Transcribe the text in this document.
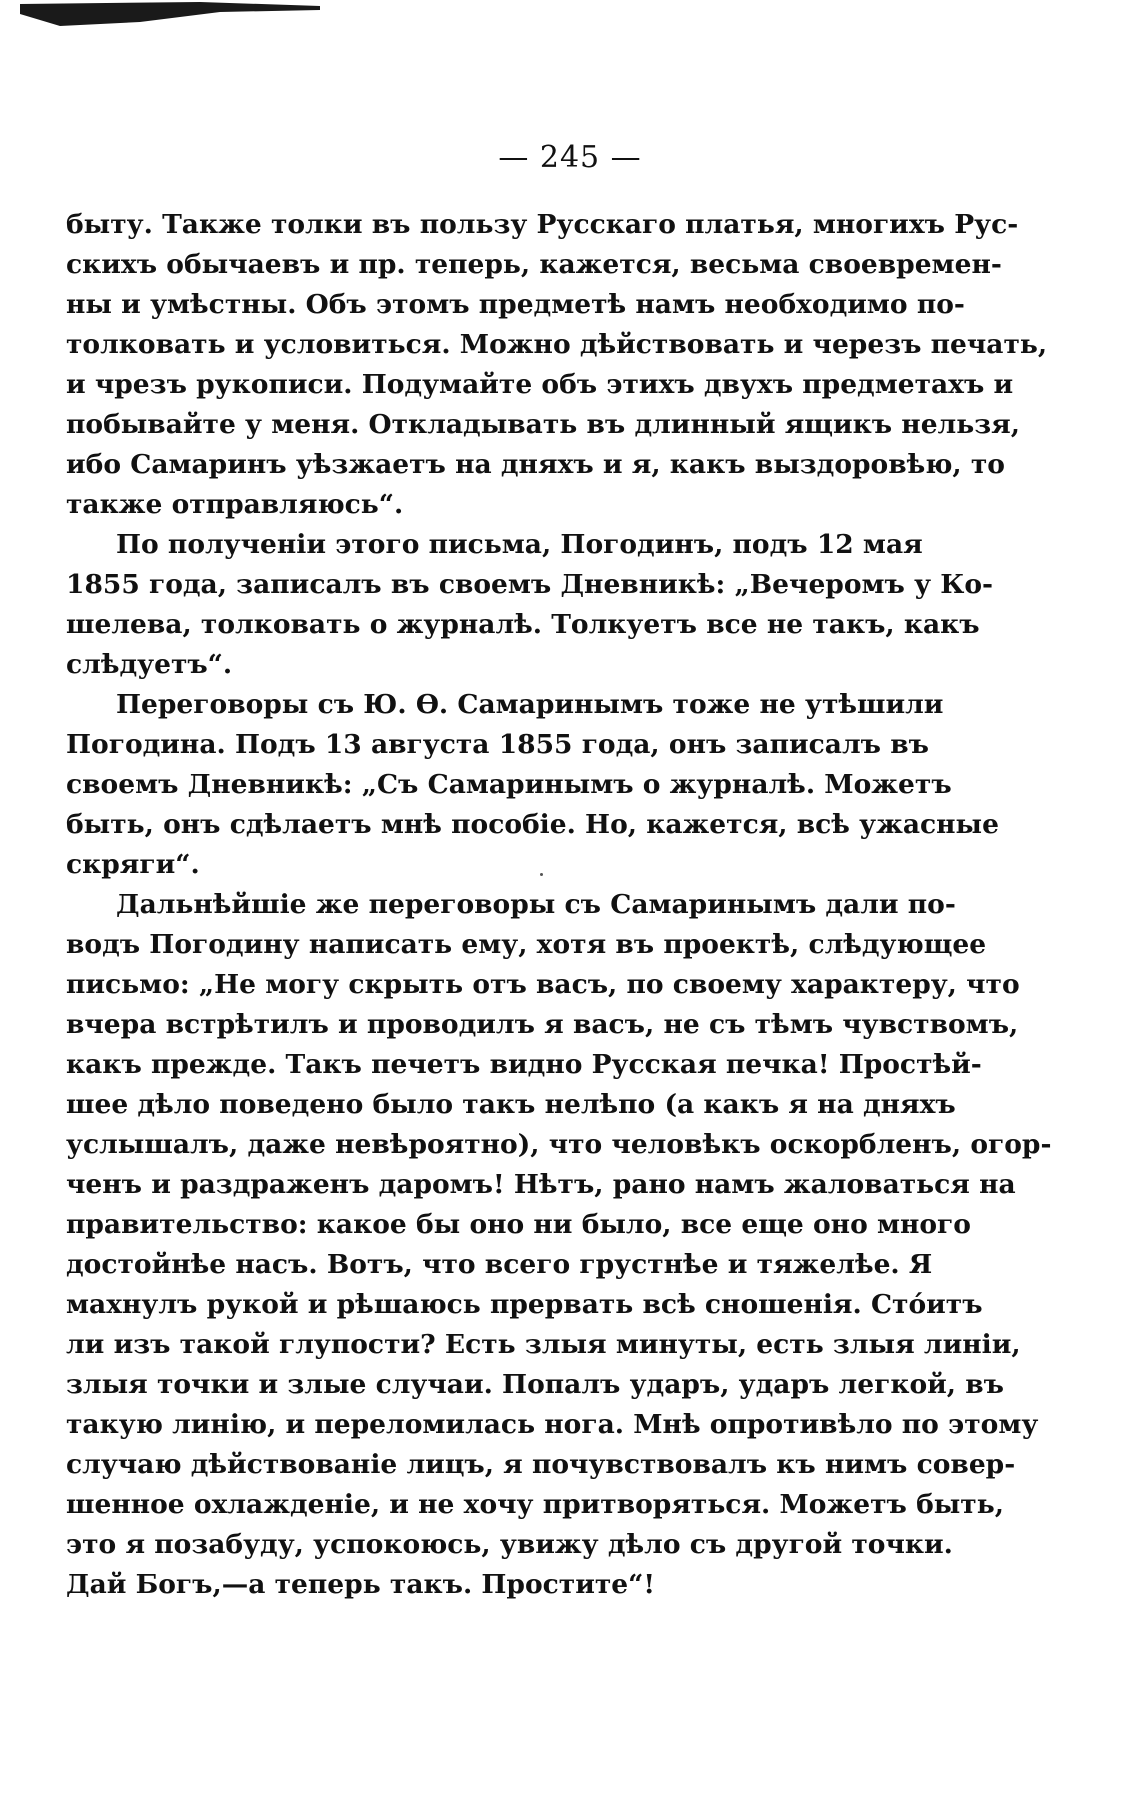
— 245 —
быту. Также толки въ пользу Русскаго платья, многихъ Рус-
скихъ обычаевъ и пр. теперь, кажется, весьма своевремен-
ны и умѣстны. Объ этомъ предметѣ намъ необходимо по-
толковать и условиться. Можно дѣйствовать и черезъ печать,
и чрезъ рукописи. Подумайте объ этихъ двухъ предметахъ и
побывайте у меня. Откладывать въ длинный ящикъ нельзя,
ибо Самаринъ уѣзжаетъ на дняхъ и я, какъ выздоровѣю, то
также отправляюсь“.
По полученіи этого письма, Погодинъ, подъ 12 мая
1855 года, записалъ въ своемъ Дневникѣ: „Вечеромъ у Ко-
шелева, толковать о журналѣ. Толкуетъ все не такъ, какъ
слѣдуетъ“.
Переговоры съ Ю. Ѳ. Самаринымъ тоже не утѣшили
Погодина. Подъ 13 августа 1855 года, онъ записалъ въ
своемъ Дневникѣ: „Съ Самаринымъ о журналѣ. Можетъ
быть, онъ сдѣлаетъ мнѣ пособіе. Но, кажется, всѣ ужасные
скряги“.
Дальнѣйшіе же переговоры съ Самаринымъ дали по-
водъ Погодину написать ему, хотя въ проектѣ, слѣдующее
письмо: „Не могу скрыть отъ васъ, по своему характеру, что
вчера встрѣтилъ и проводилъ я васъ, не съ тѣмъ чувствомъ,
какъ прежде. Такъ печетъ видно Русская печка! Простѣй-
шее дѣло поведено было такъ нелѣпо (а какъ я на дняхъ
услышалъ, даже невѣроятно), что человѣкъ оскорбленъ, огор-
ченъ и раздраженъ даромъ! Нѣтъ, рано намъ жаловаться на
правительство: какое бы оно ни было, все еще оно много
достойнѣе насъ. Вотъ, что всего грустнѣе и тяжелѣе. Я
махнулъ рукой и рѣшаюсь прервать всѣ сношенія. Стóитъ
ли изъ такой глупости? Есть злыя минуты, есть злыя линіи,
злыя точки и злые случаи. Попалъ ударъ, ударъ легкой, въ
такую линію, и переломилась нога. Мнѣ опротивѣло по этому
случаю дѣйствованіе лицъ, я почувствовалъ къ нимъ совер-
шенное охлажденіе, и не хочу притворяться. Можетъ быть,
это я позабуду, успокоюсь, увижу дѣло съ другой точки.
Дай Богъ,—а теперь такъ. Простите“!
